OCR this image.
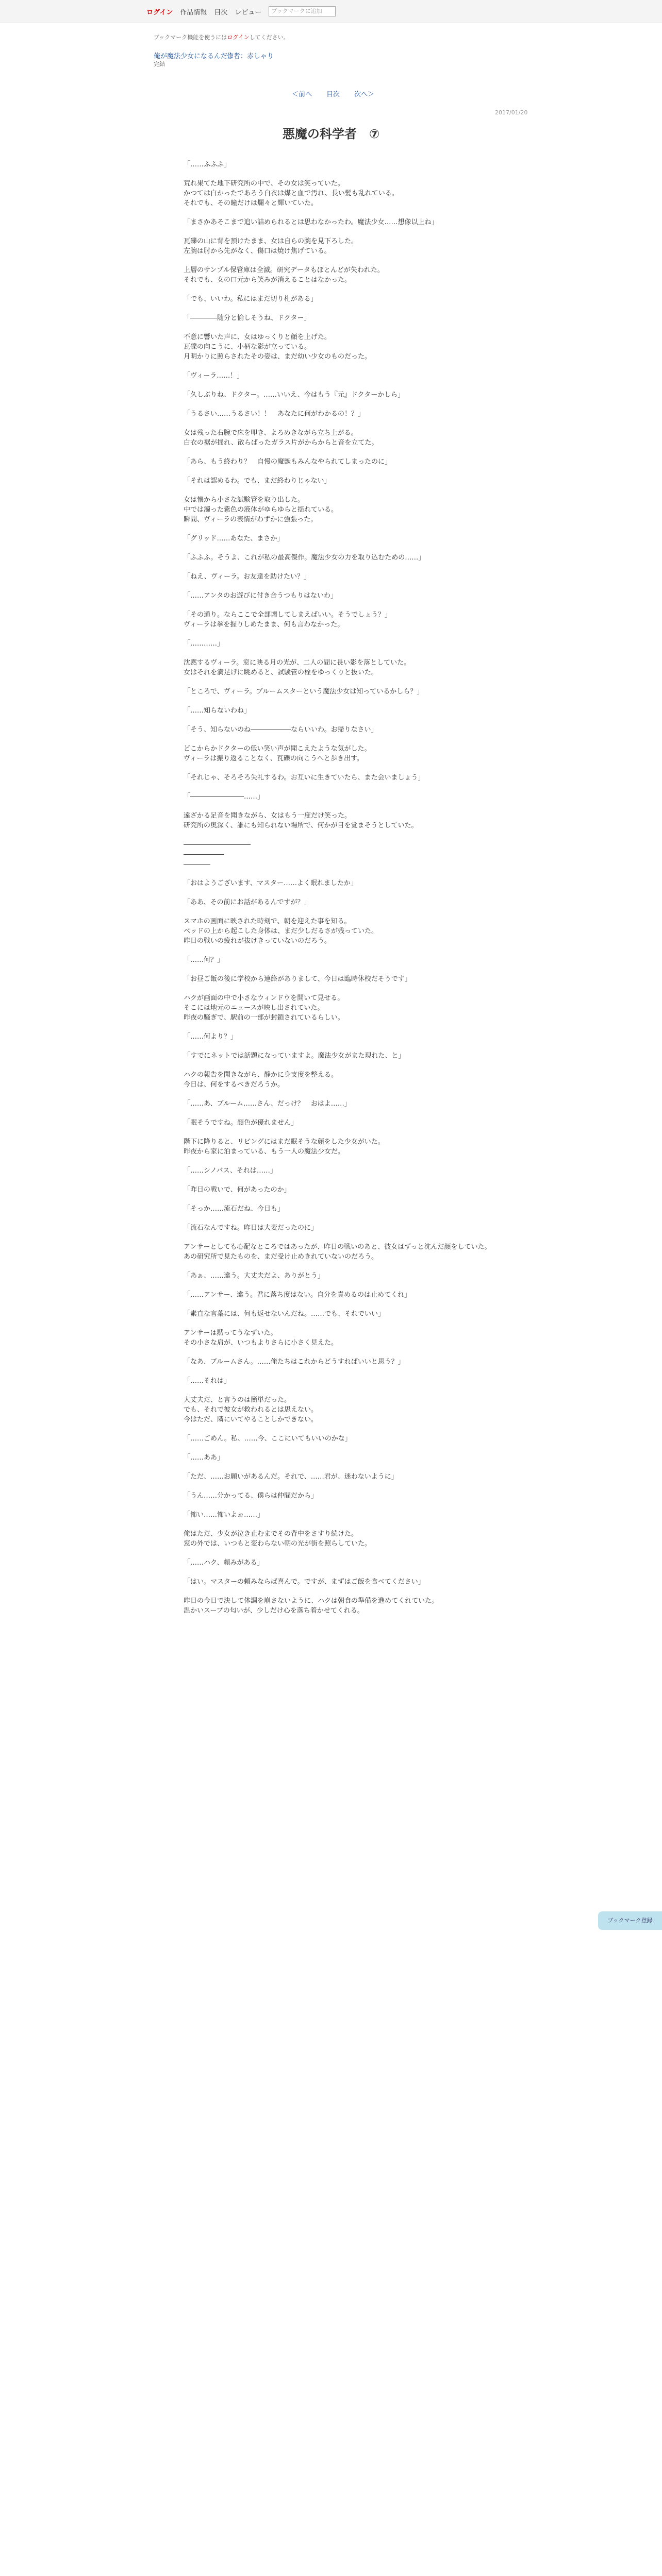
ログイン 作品情報 目次 レビュー	ブックマークに追加
ブックマーク機能を使うにはログインしてください。
俺が魔法少女になるんだよ！
作者：赤しゃり
完結
＜前へ 目次 次へ＞
2017/01/20
悪魔の科学者　⑦

「……ふふふ」

荒れ果てた地下研究所の中で、その女は笑っていた。
かつては白かったであろう白衣は煤と血で汚れ、長い髪も乱れている。
それでも、その瞳だけは爛々と輝いていた。

「まさかあそこまで追い詰められるとは思わなかったわ。魔法少女……想像以上ね」

瓦礫の山に背を預けたまま、女は自らの腕を見下ろした。
左腕は肘から先がなく、傷口は焼け焦げている。

上層のサンプル保管庫は全滅。研究データもほとんどが失われた。
それでも、女の口元から笑みが消えることはなかった。

「でも、いいわ。私にはまだ切り札がある」

「――――随分と愉しそうね、ドクター」

不意に響いた声に、女はゆっくりと顔を上げた。
瓦礫の向こうに、小柄な影が立っている。
月明かりに照らされたその姿は、まだ幼い少女のものだった。

「ヴィーラ……！」

「久しぶりね、ドクター。……いいえ、今はもう『元』ドクターかしら」

「うるさい……うるさい！！　あなたに何がわかるの！？」

女は残った右腕で床を叩き、よろめきながら立ち上がる。
白衣の裾が揺れ、散らばったガラス片がからからと音を立てた。

「あら、もう終わり？　自慢の魔獣もみんなやられてしまったのに」

「それは認めるわ。でも、まだ終わりじゃない」

女は懐から小さな試験管を取り出した。
中では濁った紫色の液体がゆらゆらと揺れている。
瞬間、ヴィーラの表情がわずかに強張った。

「グリッド……あなた、まさか」

「ふふふ。そうよ、これが私の最高傑作。魔法少女の力を取り込むための……」

「ねえ、ヴィーラ。お友達を助けたい？」

「……アンタのお遊びに付き合うつもりはないわ」

「その通り。ならここで全部壊してしまえばいい。そうでしょう？」
ヴィーラは拳を握りしめたまま、何も言わなかった。

「…………」

沈黙するヴィーラ。窓に映る月の光が、二人の間に長い影を落としていた。
女はそれを満足げに眺めると、試験管の栓をゆっくりと抜いた。

「ところで、ヴィーラ。ブルームスターという魔法少女は知っているかしら？」

「……知らないわね」

「そう、知らないのね――――――ならいいわ。お帰りなさい」

どこからかドクターの低い笑い声が聞こえたような気がした。
ヴィーラは振り返ることなく、瓦礫の向こうへと歩き出す。

「それじゃ、そろそろ失礼するわ。お互いに生きていたら、また会いましょう」

「――――――――……」

遠ざかる足音を聞きながら、女はもう一度だけ笑った。
研究所の奥深く、誰にも知られない場所で、何かが目を覚まそうとしていた。

――――――――――
――――――
――――

「おはようございます、マスター……よく眠れましたか」

「ああ、その前にお話があるんですが？」

スマホの画面に映された時刻で、朝を迎えた事を知る。
ベッドの上から起こした身体は、まだ少しだるさが残っていた。
昨日の戦いの疲れが抜けきっていないのだろう。

「……何？」

「お昼ご飯の後に学校から連絡がありまして、今日は臨時休校だそうです」

ハクが画面の中で小さなウィンドウを開いて見せる。
そこには地元のニュースが映し出されていた。
昨夜の騒ぎで、駅前の一部が封鎖されているらしい。

「……何より？」

「すでにネットでは話題になっていますよ。魔法少女がまた現れた、と」

ハクの報告を聞きながら、静かに身支度を整える。
今日は、何をするべきだろうか。

「……あ、ブルーム……さん、だっけ？　おはよ……」

「眠そうですね。顔色が優れません」

階下に降りると、リビングにはまだ眠そうな顔をした少女がいた。
昨夜から家に泊まっている、もう一人の魔法少女だ。

「……シノバス、それは……」

「昨日の戦いで、何があったのか」

「そっか……流石だね、今日も」

「流石なんですね。昨日は大変だったのに」

アンサーとしても心配なところではあったが、昨日の戦いのあと、彼女はずっと沈んだ顔をしていた。
あの研究所で見たものを、まだ受け止めきれていないのだろう。

「あぁ、……違う。大丈夫だよ、ありがとう」

「……アンサー、違う。君に落ち度はない。自分を責めるのは止めてくれ」

「素直な言葉には、何も返せないんだね。……でも、それでいい」

アンサーは黙ってうなずいた。
その小さな肩が、いつもよりさらに小さく見えた。

「なあ、ブルームさん。……俺たちはこれからどうすればいいと思う？」

「……それは」

大丈夫だ、と言うのは簡単だった。
でも、それで彼女が救われるとは思えない。
今はただ、隣にいてやることしかできない。

「……ごめん。私、……今、ここにいてもいいのかな」

「……ああ」

「ただ、……お願いがあるんだ。それで、……君が、迷わないように」

「うん……分かってる、僕らは仲間だから」

「怖い……怖いよぉ……」

俺はただ、少女が泣き止むまでその背中をさすり続けた。
窓の外では、いつもと変わらない朝の光が街を照らしていた。

「……ハク、頼みがある」

「はい。マスターの頼みならば喜んで。ですが、まずはご飯を食べてください」

昨日の今日で決して体調を崩さないように、ハクは朝食の準備を進めてくれていた。
温かいスープの匂いが、少しだけ心を落ち着かせてくれる。

ブックマーク登録
